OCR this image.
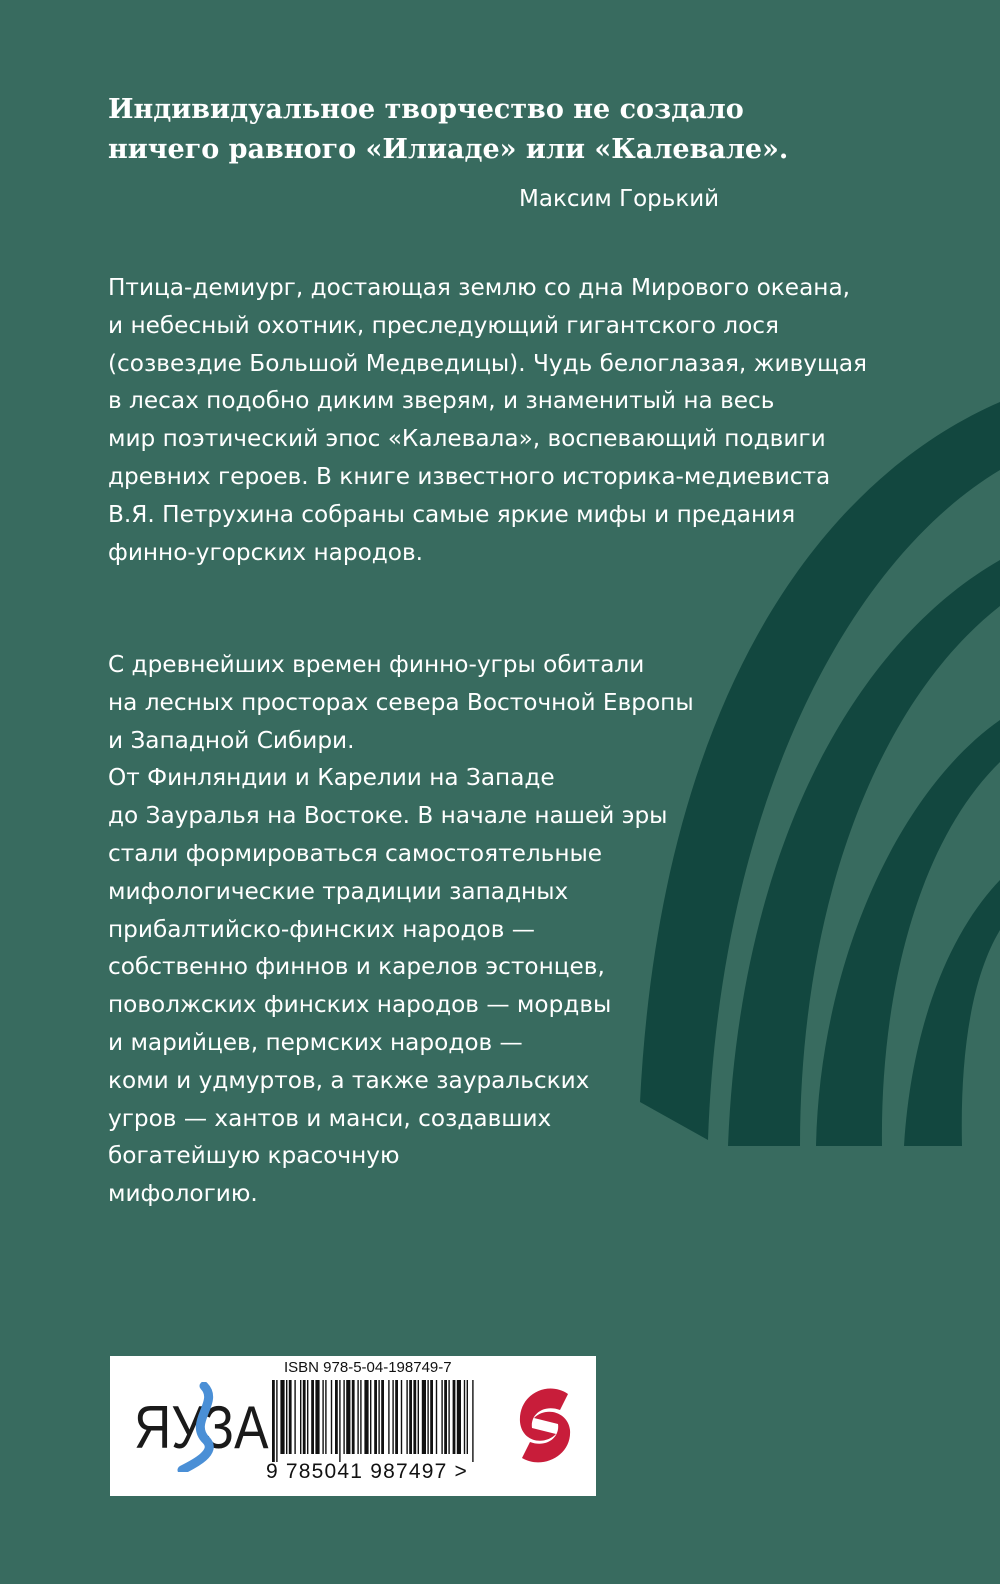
Индивидуальное творчество не создало
ничего равного «Илиаде» или «Калевале».
Максим Горький
Птица-демиург, достающая землю со дна Мирового океана,
и небесный охотник, преследующий гигантского лося
(созвездие Большой Медведицы). Чудь белоглазая, живущая
в лесах подобно диким зверям, и знаменитый на весь
мир поэтический эпос «Калевала», воспевающий подвиги
древних героев. В книге известного историка-медиевиста
В.Я. Петрухина собраны самые яркие мифы и предания
финно-угорских народов.
С древнейших времен финно-угры обитали
на лесных просторах севера Восточной Европы
и Западной Сибири.
От Финляндии и Карелии на Западе
до Зауралья на Востоке. В начале нашей эры
стали формироваться самостоятельные
мифологические традиции западных
прибалтийско-финских народов —
собственно финнов и карелов эстонцев,
поволжских финских народов — мордвы
и марийцев, пермских народов —
коми и удмуртов, а также зауральских
угров — хантов и манси, создавших
богатейшую красочную
мифологию.
ЯУЗА
ISBN 978-5-04-198749-7
9 785041 987497 >
